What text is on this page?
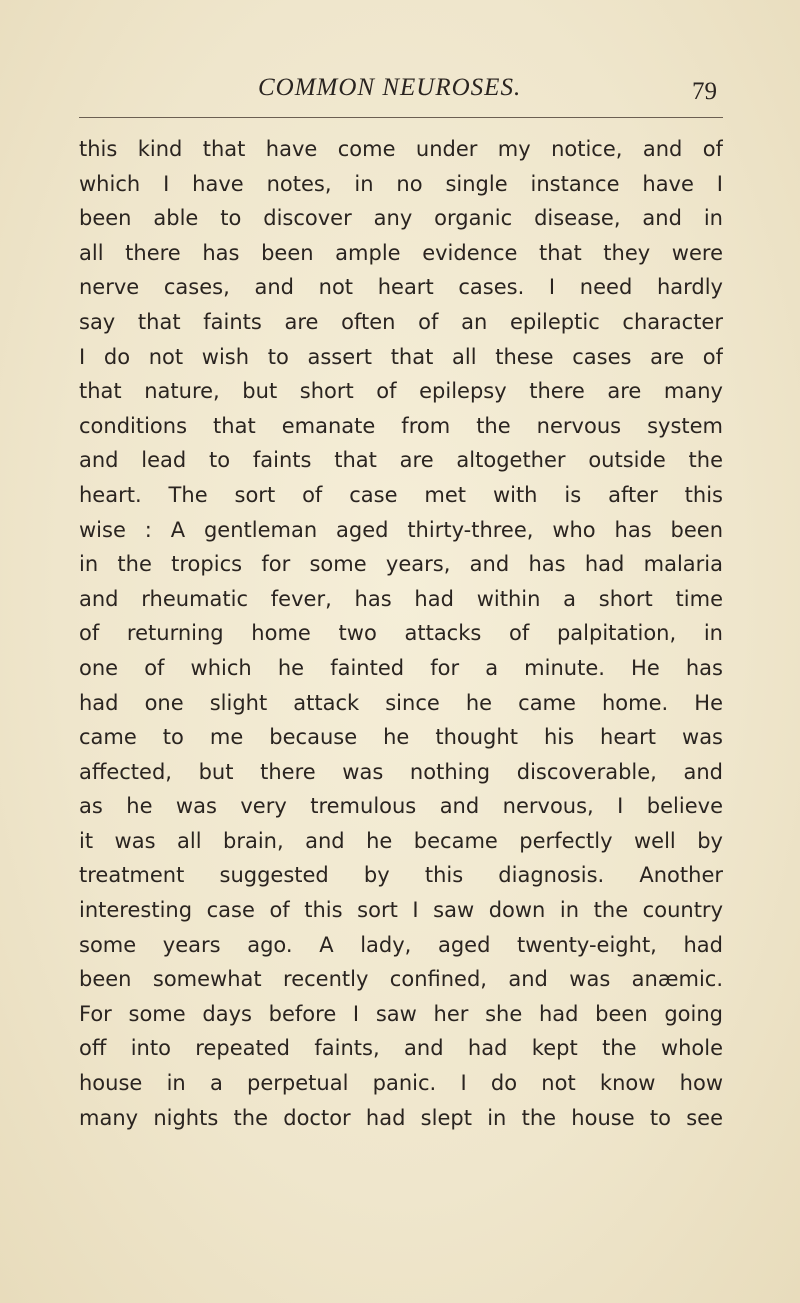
COMMON NEUROSES.	79
this kind that have come under my notice, and of
which I have notes, in no single instance have I
been able to discover any organic disease, and in
all there has been ample evidence that they were
nerve cases, and not heart cases. I need hardly
say that faints are often of an epileptic character
I do not wish to assert that all these cases are of
that nature, but short of epilepsy there are many
conditions that emanate from the nervous system
and lead to faints that are altogether outside the
heart. The sort of case met with is after this
wise : A gentleman aged thirty-three, who has been
in the tropics for some years, and has had malaria
and rheumatic fever, has had within a short time
of returning home two attacks of palpitation, in
one of which he fainted for a minute. He has
had one slight attack since he came home. He
came to me because he thought his heart was
affected, but there was nothing discoverable, and
as he was very tremulous and nervous, I believe
it was all brain, and he became perfectly well by
treatment suggested by this diagnosis. Another
interesting case of this sort I saw down in the country
some years ago. A lady, aged twenty-eight, had
been somewhat recently confined, and was anæmic.
For some days before I saw her she had been going
off into repeated faints, and had kept the whole
house in a perpetual panic. I do not know how
many nights the doctor had slept in the house to see
